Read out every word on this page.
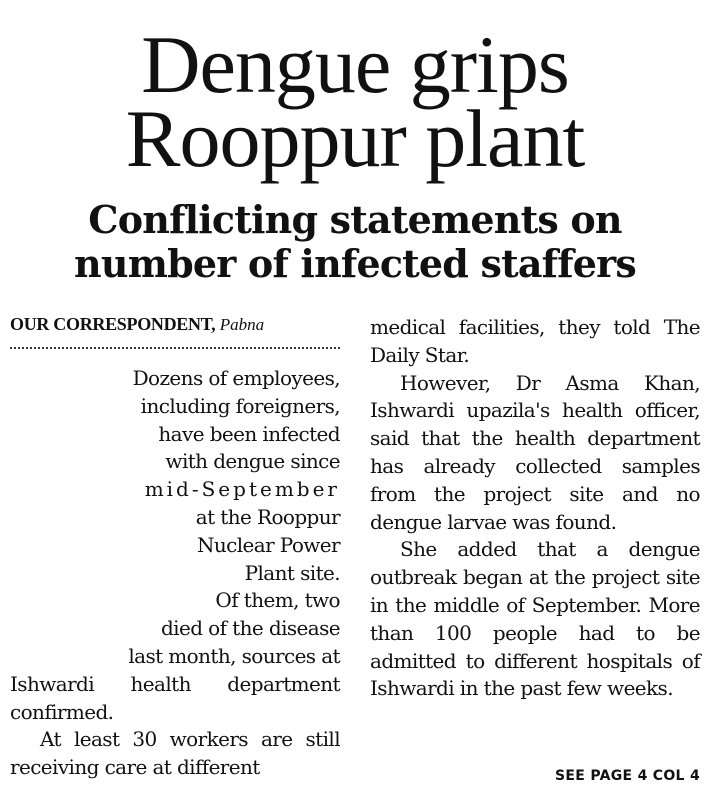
Dengue grips
Rooppur plant
Conflicting statements on
number of infected staffers
OUR CORRESPONDENT, Pabna

Dozens of employees,
including foreigners,
have been infected
with dengue since
mid-September
at the Rooppur
Nuclear Power
Plant site.

Of them, two
died of the disease
last month, sources at

Ishwardi health department confirmed.

At least 30 workers are still receiving care at different

medical facilities, they told The Daily Star.

However, Dr Asma Khan, Ishwardi upazila's health officer, said that the health department has already collected samples from the project site and no dengue larvae was found.

She added that a dengue outbreak began at the project site in the middle of September. More than 100 people had to be admitted to different hospitals of Ishwardi in the past few weeks.

SEE PAGE 4 COL 4
